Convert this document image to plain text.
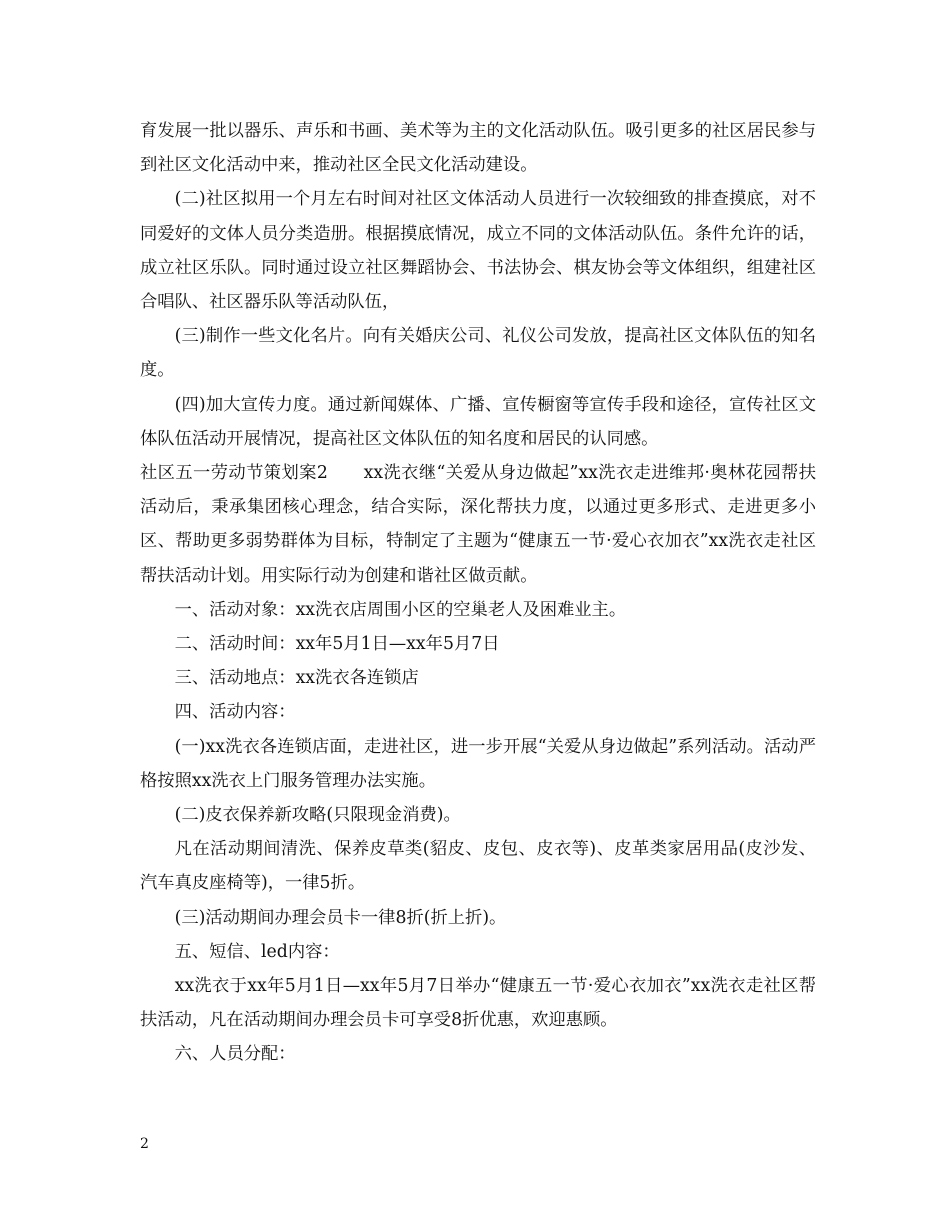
育发展一批以器乐、声乐和书画、美术等为主的文化活动队伍。吸引更多的社区居民参与到社区文化活动中来，推动社区全民文化活动建设。

(二)社区拟用一个月左右时间对社区文体活动人员进行一次较细致的排查摸底，对不同爱好的文体人员分类造册。根据摸底情况，成立不同的文体活动队伍。条件允许的话，成立社区乐队。同时通过设立社区舞蹈协会、书法协会、棋友协会等文体组织，组建社区合唱队、社区器乐队等活动队伍，

(三)制作一些文化名片。向有关婚庆公司、礼仪公司发放，提高社区文体队伍的知名度。

(四)加大宣传力度。通过新闻媒体、广播、宣传橱窗等宣传手段和途径，宣传社区文体队伍活动开展情况，提高社区文体队伍的知名度和居民的认同感。

社区五一劳动节策划案2　　xx洗衣继“关爱从身边做起”xx洗衣走进维邦·奥林花园帮扶活动后，秉承集团核心理念，结合实际，深化帮扶力度，以通过更多形式、走进更多小区、帮助更多弱势群体为目标，特制定了主题为“健康五一节·爱心衣加衣”xx洗衣走社区帮扶活动计划。用实际行动为创建和谐社区做贡献。

一、活动对象：xx洗衣店周围小区的空巢老人及困难业主。

二、活动时间：xx年5月1日—xx年5月7日

三、活动地点：xx洗衣各连锁店

四、活动内容：

(一)xx洗衣各连锁店面，走进社区，进一步开展“关爱从身边做起”系列活动。活动严格按照xx洗衣上门服务管理办法实施。

(二)皮衣保养新攻略(只限现金消费)。

凡在活动期间清洗、保养皮草类(貂皮、皮包、皮衣等)、皮革类家居用品(皮沙发、汽车真皮座椅等)，一律5折。

(三)活动期间办理会员卡一律8折(折上折)。

五、短信、led内容：

xx洗衣于xx年5月1日—xx年5月7日举办“健康五一节·爱心衣加衣”xx洗衣走社区帮扶活动，凡在活动期间办理会员卡可享受8折优惠，欢迎惠顾。

六、人员分配：

2
